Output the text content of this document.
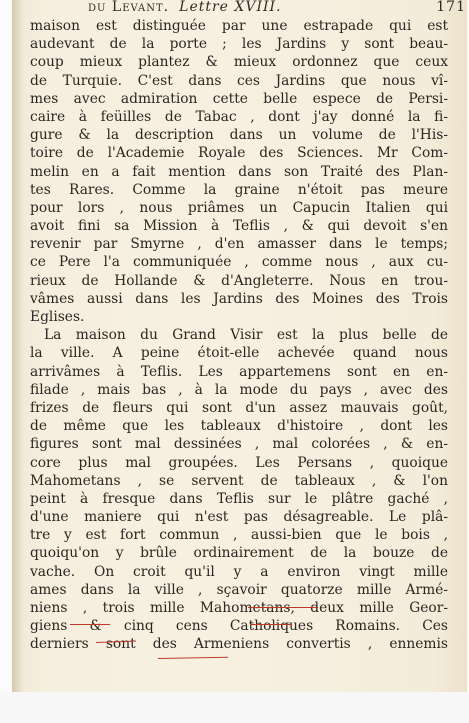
du Levant. Lettre XVIII.	171
maison est distinguée par une estrapade qui est
audevant de la porte ; les Jardins y sont beau-
coup mieux plantez & mieux ordonnez que ceux
de Turquie. C'est dans ces Jardins que nous vî-
mes avec admiration cette belle espece de Persi-
caire à feüilles de Tabac , dont j'ay donné la fi-
gure & la description dans un volume de l'His-
toire de l'Academie Royale des Sciences. Mr Com-
melin en a fait mention dans son Traité des Plan-
tes Rares. Comme la graine n'étoit pas meure
pour lors , nous priâmes un Capucin Italien qui
avoit fini sa Mission à Teflis , & qui devoit s'en
revenir par Smyrne , d'en amasser dans le temps;
ce Pere l'a communiquée , comme nous , aux cu-
rieux de Hollande & d'Angleterre. Nous en trou-
vâmes aussi dans les Jardins des Moines des Trois
Eglises.
La maison du Grand Visir est la plus belle de
la ville. A peine étoit-elle achevée quand nous
arrivâmes à Teflis. Les appartemens sont en en-
filade , mais bas , à la mode du pays , avec des
frizes de fleurs qui sont d'un assez mauvais goût,
de même que les tableaux d'histoire , dont les
figures sont mal dessinées , mal colorées , & en-
core plus mal groupées. Les Persans , quoique
Mahometans , se servent de tableaux , & l'on
peint à fresque dans Teflis sur le plâtre gaché ,
d'une maniere qui n'est pas désagreable. Le plâ-
tre y est fort commun , aussi-bien que le bois ,
quoiqu'on y brûle ordinairement de la bouze de
vache. On croit qu'il y a environ vingt mille
ames dans la ville , sçavoir quatorze mille Armé-
niens , trois mille Mahometans, deux mille Geor-
giens & cinq cens Catholiques Romains. Ces
derniers sont des Armeniens convertis , ennemis
